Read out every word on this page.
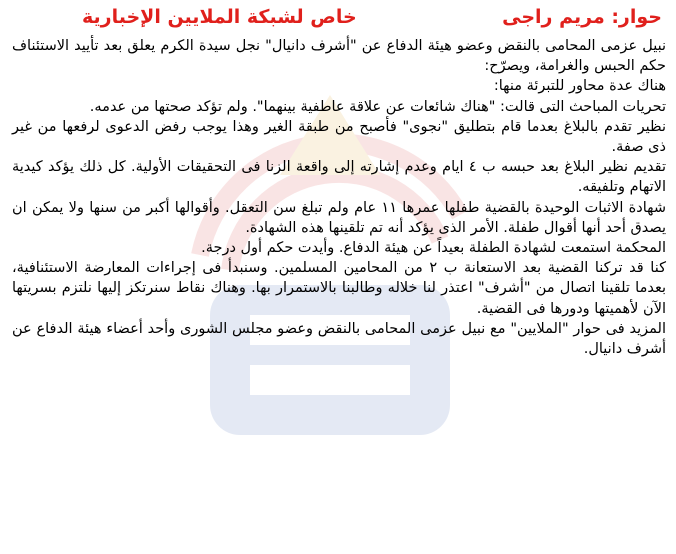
حوار: مريم راجى
خاص لشبكة الملايين الإخبارية

نبيل عزمى المحامى بالنقض وعضو هيئة الدفاع عن "أشرف دانيال" نجل سيدة الكرم يعلق بعد تأييد الاستئناف حكم الحبس والغرامة، ويصرّح:

هناك عدة محاور للتبرئة منها:

تحريات المباحث التى قالت: "هناك شائعات عن علاقة عاطفية بينهما". ولم تؤكد صحتها من عدمه.

نظير تقدم بالبلاغ بعدما قام بتطليق "نجوى" فأصبح من طبقة الغير وهذا يوجب رفض الدعوى لرفعها من غير ذى صفة.

تقديم نظير البلاغ بعد حبسه ب ٤ ايام وعدم إشارته إلى واقعة الزنا فى التحقيقات الأولية. كل ذلك يؤكد كيدية الاتهام وتلفيقه.

شهادة الاثبات الوحيدة بالقضية طفلها عمرها ١١ عام ولم تبلغ سن التعقل. وأقوالها أكبر من سنها ولا يمكن ان يصدق أحد أنها أقوال طفلة. الأمر الذى يؤكد أنه تم تلقينها هذه الشهادة.

المحكمة استمعت لشهادة الطفلة بعيداً عن هيئة الدفاع. وأيدت حكم أول درجة.

كنا قد تركنا القضية بعد الاستعانة ب ٢ من المحامين المسلمين. وسنبدأ فى إجراءات المعارضة الاستئنافية، بعدما تلقينا اتصال من "أشرف" اعتذر لنا خلاله وطالبنا بالاستمرار بها. وهناك نقاط سنرتكز إليها نلتزم بسريتها الآن لأهميتها ودورها فى القضية.

المزيد فى حوار "الملايين" مع نبيل عزمى المحامى بالنقض وعضو مجلس الشورى وأحد أعضاء هيئة الدفاع عن أشرف دانيال.
